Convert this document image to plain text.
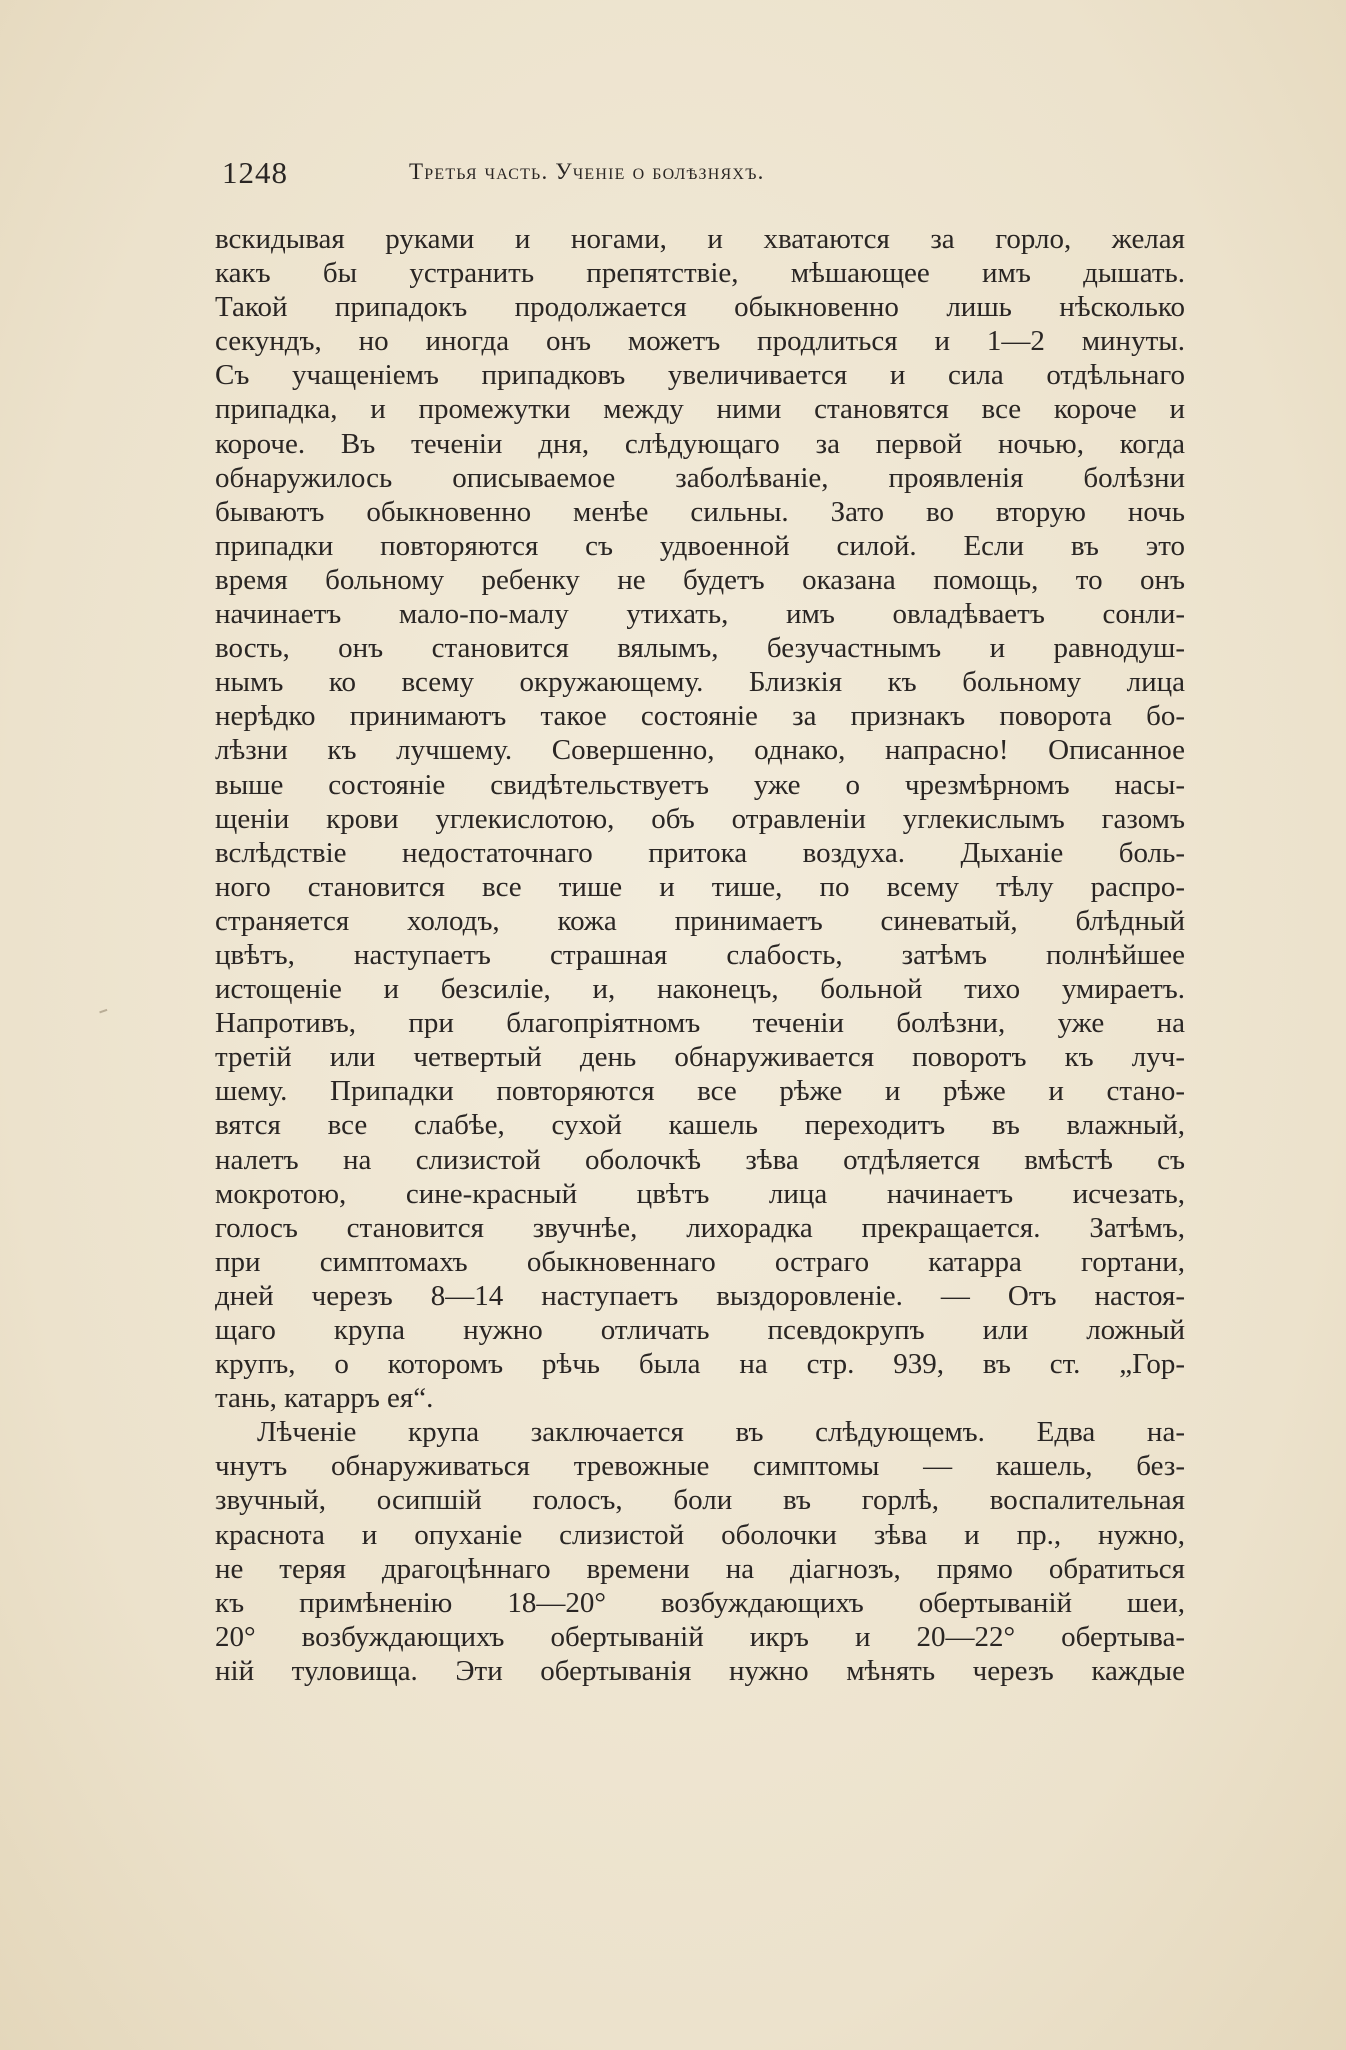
1248	Третья часть. Ученіе о болѣзняхъ.
вскидывая руками и ногами, и хватаются за горло, желая
какъ бы устранить препятствіе, мѣшающее имъ дышать.
Такой припадокъ продолжается обыкновенно лишь нѣсколько
секундъ, но иногда онъ можетъ продлиться и 1—2 минуты.
Съ учащеніемъ припадковъ увеличивается и сила отдѣльнаго
припадка, и промежутки между ними становятся все короче и
короче. Въ теченіи дня, слѣдующаго за первой ночью, когда
обнаружилось описываемое заболѣваніе, проявленія болѣзни
бываютъ обыкновенно менѣе сильны. Зато во вторую ночь
припадки повторяются съ удвоенной силой. Если въ это
время больному ребенку не будетъ оказана помощь, то онъ
начинаетъ мало-по-малу утихать, имъ овладѣваетъ сонли-
вость, онъ становится вялымъ, безучастнымъ и равнодуш-
нымъ ко всему окружающему. Близкія къ больному лица
нерѣдко принимаютъ такое состояніе за признакъ поворота бо-
лѣзни къ лучшему. Совершенно, однако, напрасно! Описанное
выше состояніе свидѣтельствуетъ уже о чрезмѣрномъ насы-
щеніи крови углекислотою, объ отравленіи углекислымъ газомъ
вслѣдствіе недостаточнаго притока воздуха. Дыханіе боль-
ного становится все тише и тише, по всему тѣлу распро-
страняется холодъ, кожа принимаетъ синеватый, блѣдный
цвѣтъ, наступаетъ страшная слабость, затѣмъ полнѣйшее
истощеніе и безсиліе, и, наконецъ, больной тихо умираетъ.
Напротивъ, при благопріятномъ теченіи болѣзни, уже на
третій или четвертый день обнаруживается поворотъ къ луч-
шему. Припадки повторяются все рѣже и рѣже и стано-
вятся все слабѣе, сухой кашель переходитъ въ влажный,
налетъ на слизистой оболочкѣ зѣва отдѣляется вмѣстѣ съ
мокротою, сине-красный цвѣтъ лица начинаетъ исчезать,
голосъ становится звучнѣе, лихорадка прекращается. Затѣмъ,
при симптомахъ обыкновеннаго остраго катарра гортани,
дней черезъ 8—14 наступаетъ выздоровленіе. — Отъ настоя-
щаго крупа нужно отличать псевдокрупъ или ложный
крупъ, о которомъ рѣчь была на стр. 939, въ ст. „Гор-
тань, катарръ ея“.
Лѣченіе крупа заключается въ слѣдующемъ. Едва на-
чнутъ обнаруживаться тревожные симптомы — кашель, без-
звучный, осипшій голосъ, боли въ горлѣ, воспалительная
краснота и опуханіе слизистой оболочки зѣва и пр., нужно,
не теряя драгоцѣннаго времени на діагнозъ, прямо обратиться
къ примѣненію 18—20° возбуждающихъ обертываній шеи,
20° возбуждающихъ обертываній икръ и 20—22° обертыва-
ній туловища. Эти обертыванія нужно мѣнять черезъ каждые
